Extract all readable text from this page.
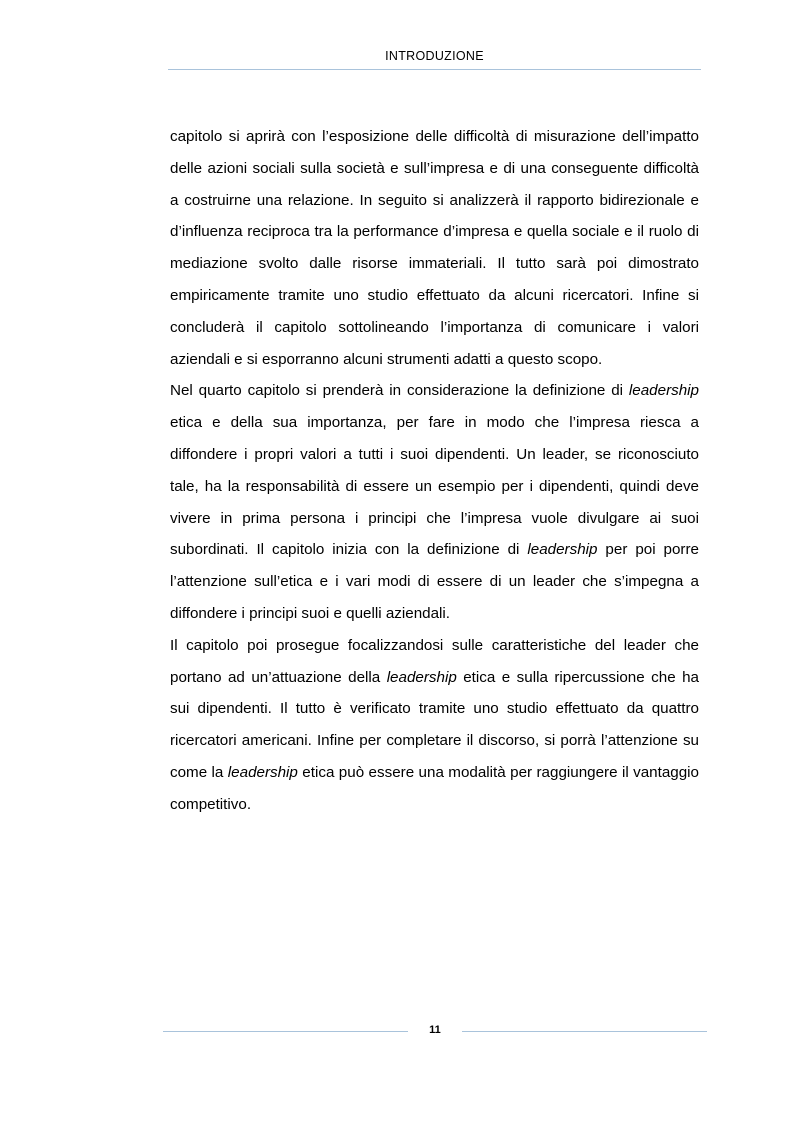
INTRODUZIONE

capitolo si aprirà con l’esposizione delle difficoltà di misurazione dell’impatto delle azioni sociali sulla società e sull’impresa e di una conseguente difficoltà a costruirne una relazione. In seguito si analizzerà il rapporto bidirezionale e d’influenza reciproca tra la performance d’impresa e quella sociale e il ruolo di mediazione svolto dalle risorse immateriali. Il tutto sarà poi dimostrato empiricamente tramite uno studio effettuato da alcuni ricercatori. Infine si concluderà il capitolo sottolineando l’importanza di comunicare i valori aziendali e si esporranno alcuni strumenti adatti a questo scopo.

Nel quarto capitolo si prenderà in considerazione la definizione di leadership etica e della sua importanza, per fare in modo che l’impresa riesca a diffondere i propri valori a tutti i suoi dipendenti. Un leader, se riconosciuto tale, ha la responsabilità di essere un esempio per i dipendenti, quindi deve vivere in prima persona i principi che l’impresa vuole divulgare ai suoi subordinati. Il capitolo inizia con la definizione di leadership per poi porre l’attenzione sull’etica e i vari modi di essere di un leader che s’impegna a diffondere i principi suoi e quelli aziendali.

Il capitolo poi prosegue focalizzandosi sulle caratteristiche del leader che portano ad un’attuazione della leadership etica e sulla ripercussione che ha sui dipendenti. Il tutto è verificato tramite uno studio effettuato da quattro ricercatori americani. Infine per completare il discorso, si porrà l’attenzione su come la leadership etica può essere una modalità per raggiungere il vantaggio competitivo.

11
